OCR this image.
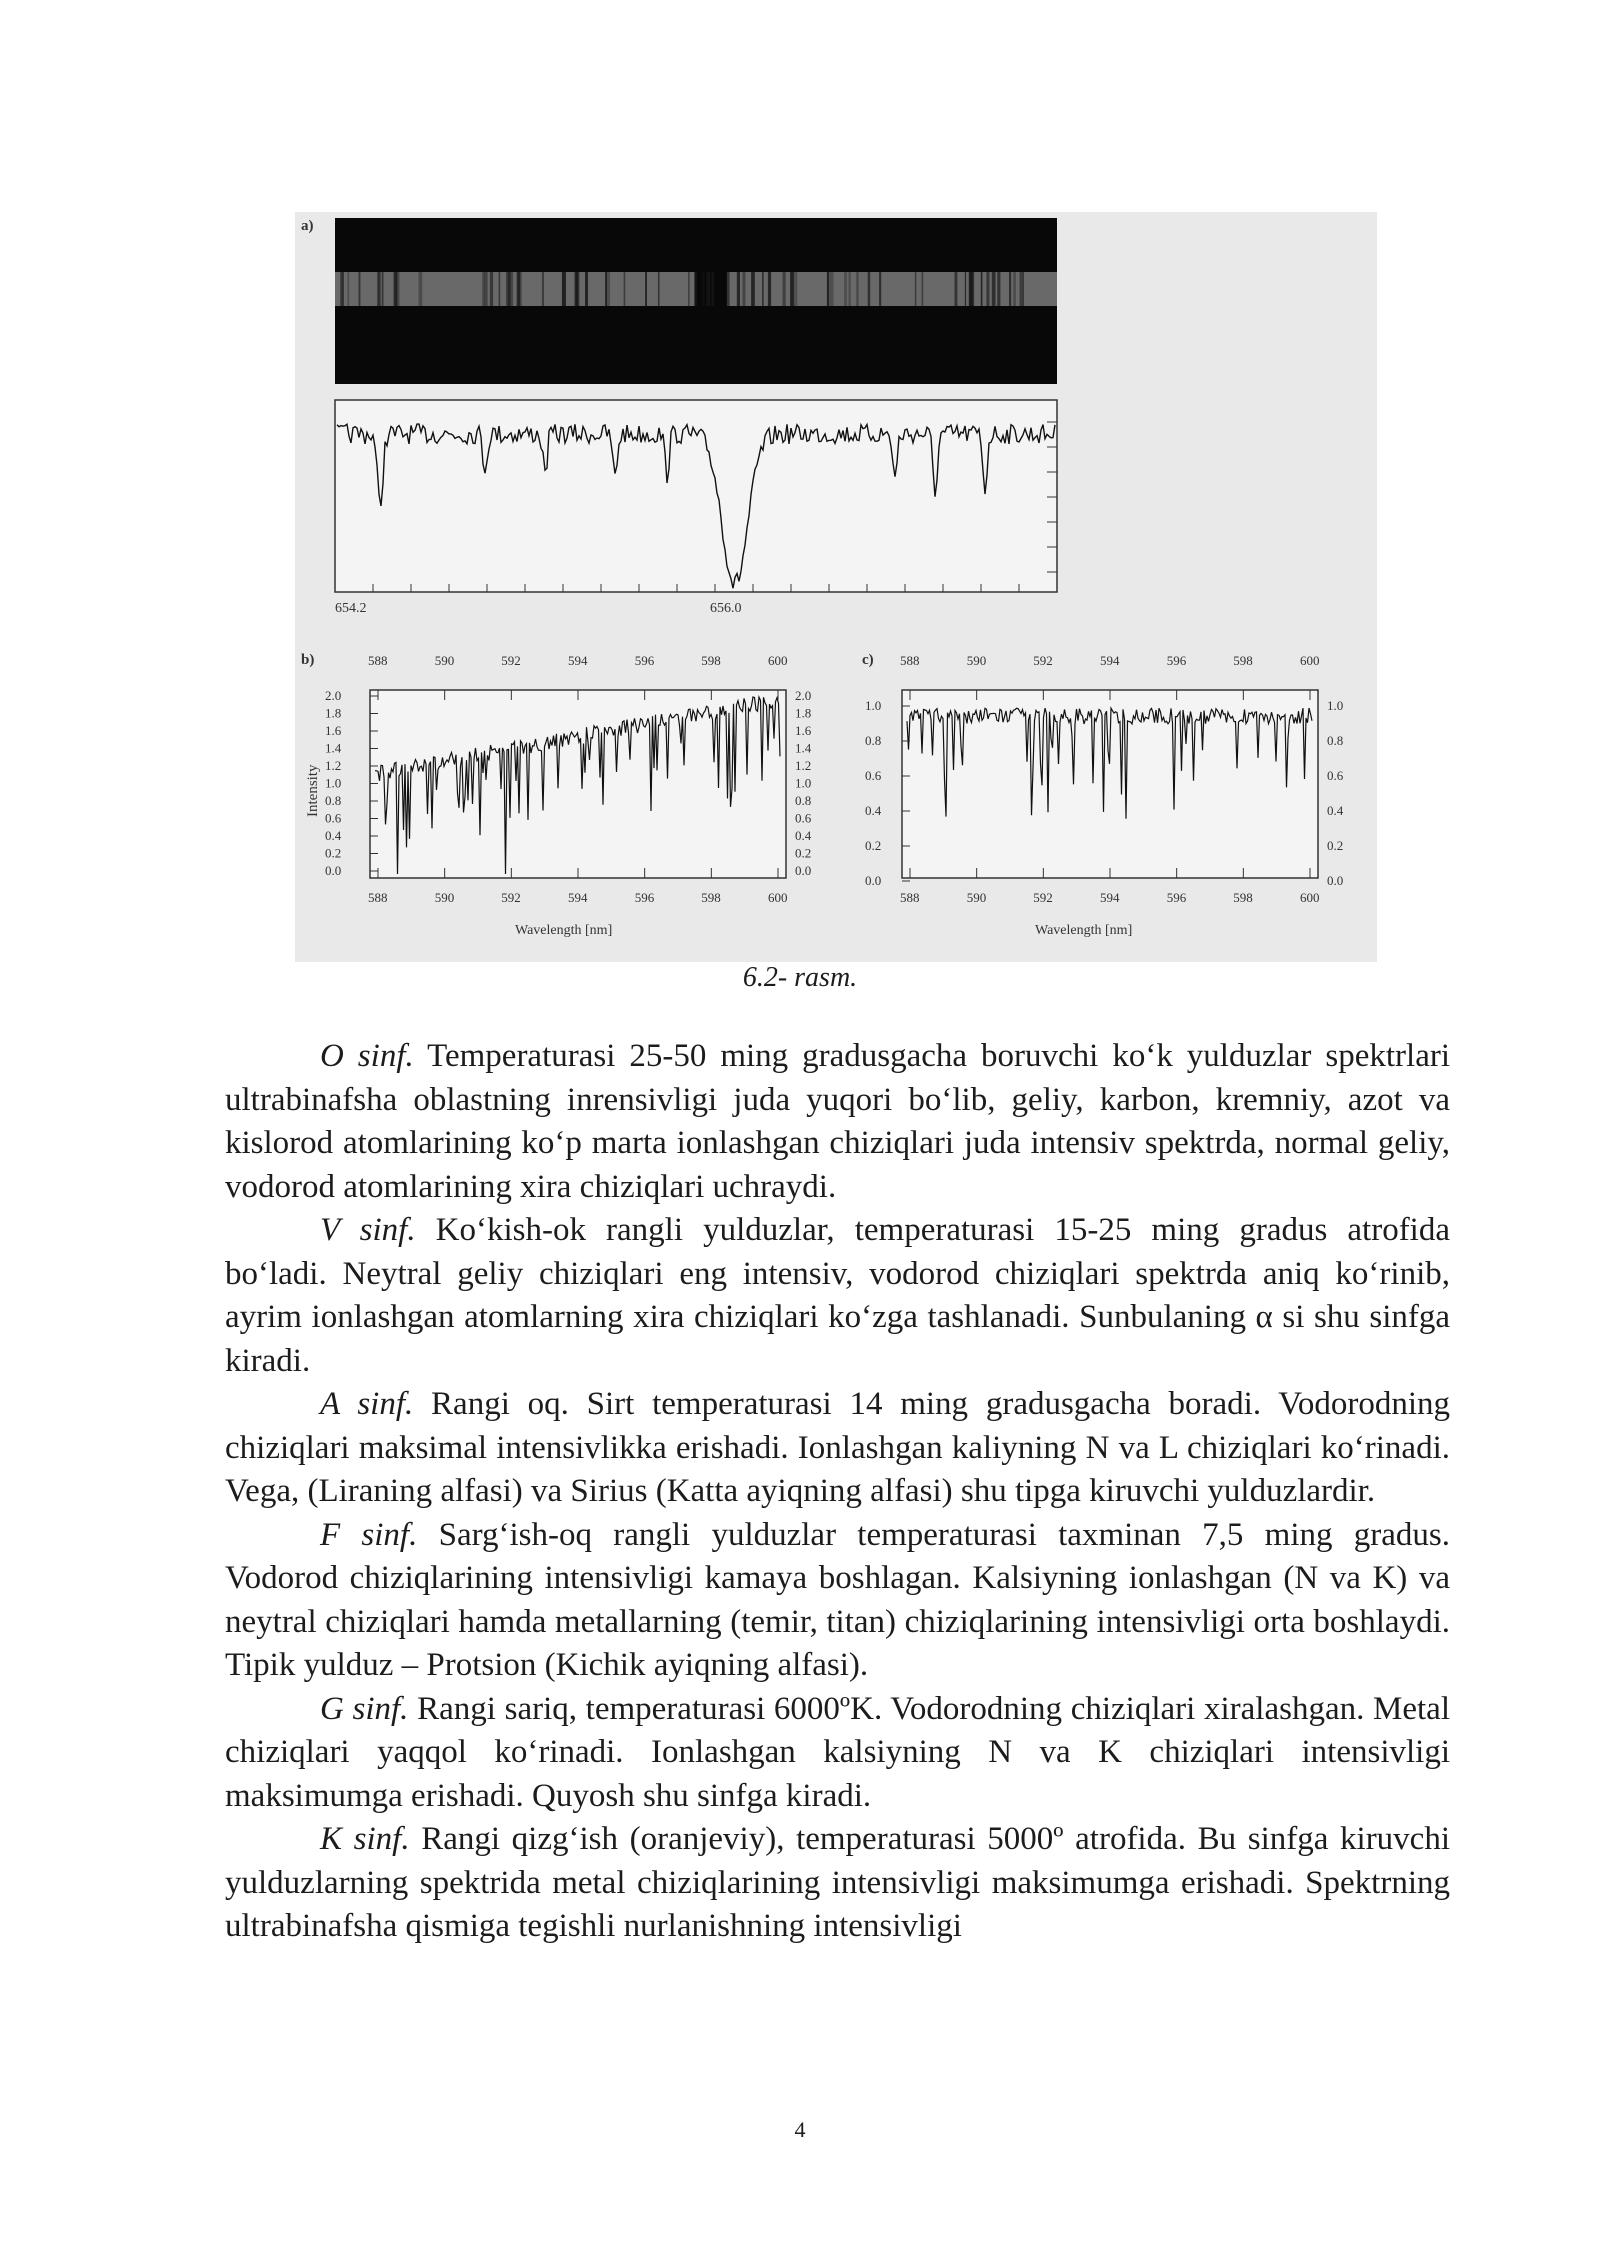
a)
654.2	656.0
b)	c)
588
588
590
590
592
592
594
594
596
596
598
598
600
600
588
588
590
590
592
592
594
594
596
596
598
598
600
600
2.0	2.0
1.8	1.8
1.6	1.6
1.4	1.4
1.2	1.2
1.0	1.0
0.8	0.8
0.6	0.6
0.4	0.4
0.2	0.2
0.0	0.0
1.0	1.0
0.8	0.8
0.6	0.6
0.4	0.4
0.2	0.2
0.0	0.0
Intensity
Wavelength [nm]	Wavelength [nm]
6.2- rasm.

O sinf. Temperaturasi 25-50 ming gradusgacha boruvchi ko‘k yulduzlar spektrlari ultrabinafsha oblastning inrensivligi juda yuqori bo‘lib, geliy, karbon, kremniy, azot va kislorod atomlarining ko‘p marta ionlashgan chiziqlari juda intensiv spektrda, normal geliy, vodorod atomlarining xira chiziqlari uchraydi.

V sinf. Ko‘kish-ok rangli yulduzlar, temperaturasi 15-25 ming gradus atrofida bo‘ladi. Neytral geliy chiziqlari eng intensiv, vodorod chiziqlari spektrda aniq ko‘rinib, ayrim ionlashgan atomlarning xira chiziqlari ko‘zga tashlanadi. Sunbulaning α si shu sinfga kiradi.

A sinf. Rangi oq. Sirt temperaturasi 14 ming gradusgacha boradi. Vodorodning chiziqlari maksimal intensivlikka erishadi. Ionlashgan kaliyning N va L chiziqlari ko‘rinadi. Vega, (Liraning alfasi) va Sirius (Katta ayiqning alfasi) shu tipga kiruvchi yulduzlardir.

F sinf. Sarg‘ish-oq rangli yulduzlar temperaturasi taxminan 7,5 ming gradus. Vodorod chiziqlarining intensivligi kamaya boshlagan. Kalsiyning ionlashgan (N va K) va neytral chiziqlari hamda metallarning (temir, titan) chiziqlarining intensivligi orta boshlaydi. Tipik yulduz – Protsion (Kichik ayiqning alfasi).

G sinf. Rangi sariq, temperaturasi 6000ºK. Vodorodning chiziqlari xiralashgan. Metal chiziqlari yaqqol ko‘rinadi. Ionlashgan kalsiyning N va K chiziqlari intensivligi maksimumga erishadi. Quyosh shu sinfga kiradi.

K sinf. Rangi qizg‘ish (oranjeviy), temperaturasi 5000º atrofida. Bu sinfga kiruvchi yulduzlarning spektrida metal chiziqlarining intensivligi maksimumga erishadi. Spektrning ultrabinafsha qismiga tegishli nurlanishning intensivligi

4
